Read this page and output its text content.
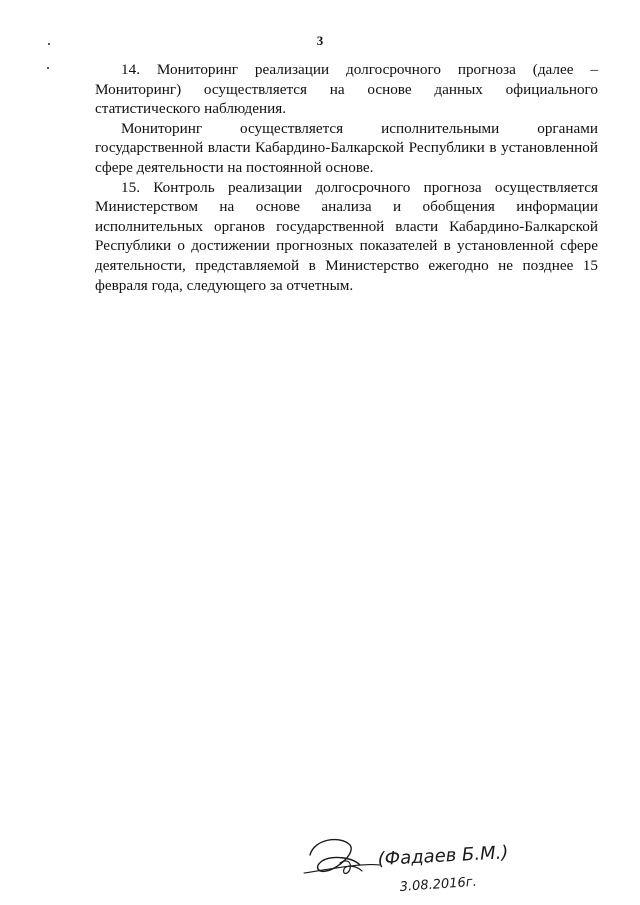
3

14. Мониторинг реализации долгосрочного прогноза (далее – Мониторинг) осуществляется на основе данных официального статистического наблюдения.

Мониторинг осуществляется исполнительными органами государственной власти Кабардино-Балкарской Республики в установленной сфере деятельности на постоянной основе.

15. Контроль реализации долгосрочного прогноза осуществляется Министерством на основе анализа и обобщения информации исполнительных органов государственной власти Кабардино-Балкарской Республики о достижении прогнозных показателей в установленной сфере деятельности, представляемой в Министерство ежегодно не позднее 15 февраля года, следующего за отчетным.

(Фадаев Б.М.)
3.08.2016г.
